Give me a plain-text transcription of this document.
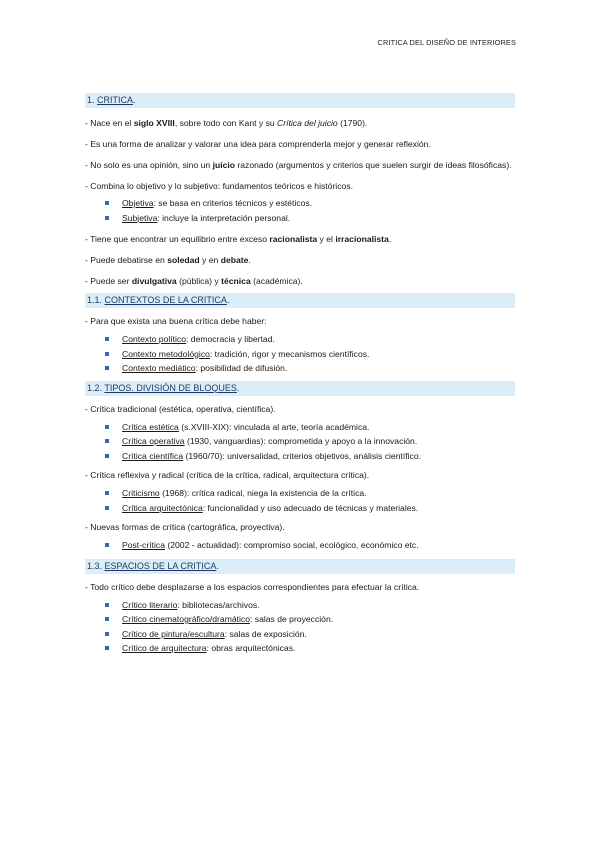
CRITICA DEL DISEÑO DE INTERIORES
1. CRITICA.

- Nace en el siglo XVIII, sobre todo con Kant y su Crítica del juicio (1790).

- Es una forma de analizar y valorar una idea para comprenderla mejor y generar reflexión.

- No solo es una opinión, sino un juicio razonado (argumentos y criterios que suelen surgir de ideas filosóficas).

- Combina lo objetivo y lo subjetivo: fundamentos teóricos e históricos.

Objetiva: se basa en criterios técnicos y estéticos.
Subjetiva: incluye la interpretación personal.

- Tiene que encontrar un equilibrio entre exceso racionalista y el irracionalista.

- Puede debatirse en soledad y en debate.

- Puede ser divulgativa (pública) y técnica (académica).

1.1. CONTEXTOS DE LA CRITICA.

- Para que exista una buena crítica debe haber:

Contexto político: democracia y libertad.
Contexto metodológico: tradición, rigor y mecanismos científicos.
Contexto mediático: posibilidad de difusión.
1.2. TIPOS. DIVISIÓN DE BLOQUES.

- Crítica tradicional (estética, operativa, científica).

Crítica estética (s.XVIII-XIX): vinculada al arte, teoría académica.
Crítica operativa (1930, vanguardias): comprometida y apoyo a la innovación.
Crítica científica (1960/70): universalidad, criterios objetivos, análisis científico.

- Crítica reflexiva y radical (crítica de la crítica, radical, arquitectura crítica).

Criticismo (1968): crítica radical, niega la existencia de la crítica.
Crítica arquitectónica: funcionalidad y uso adecuado de técnicas y materiales.

- Nuevas formas de crítica (cartográfica, proyectiva).

Post-crítica (2002 - actualidad): compromiso social, ecológico, económico etc.
1.3. ESPACIOS DE LA CRITICA.

- Todo crítico debe desplazarse a los espacios correspondientes para efectuar la crítica.

Crítico literario: bibliotecas/archivos.
Crítico cinematográfico/dramático: salas de proyección.
Crítico de pintura/escultura: salas de exposición.
Crítico de arquitectura: obras arquitectónicas.
